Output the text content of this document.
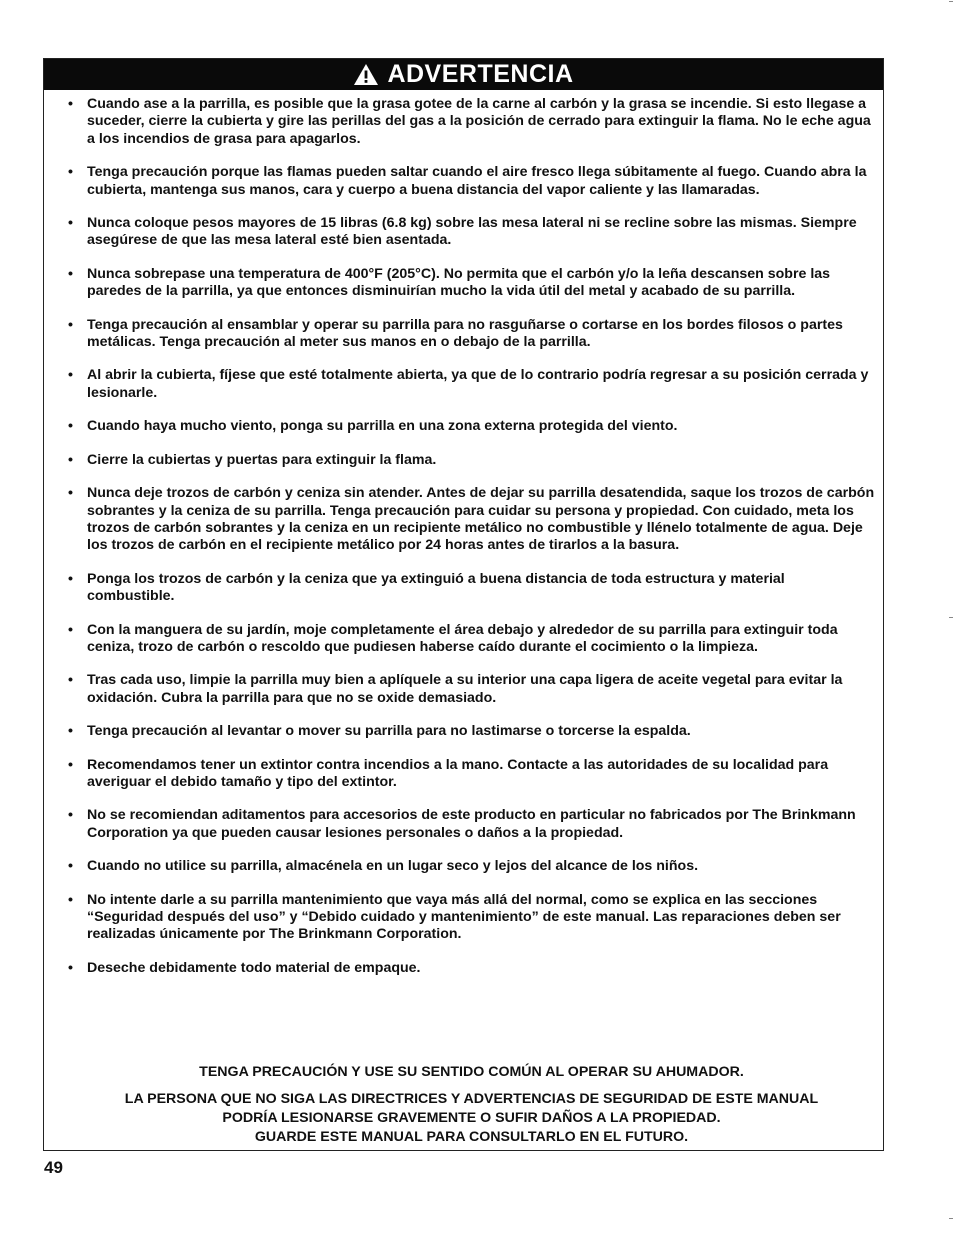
ADVERTENCIA
• Cuando ase a la parrilla, es posible que la grasa gotee de la carne al carbón y la grasa se incendie. Si esto llegase a suceder, cierre la cubierta y gire las perillas del gas a la posición de cerrado para extinguir la flama. No le eche agua a los incendios de grasa para apagarlos.
• Tenga precaución porque las flamas pueden saltar cuando el aire fresco llega súbitamente al fuego. Cuando abra la cubierta, mantenga sus manos, cara y cuerpo a buena distancia del vapor caliente y las llamaradas.
• Nunca coloque pesos mayores de 15 libras (6.8 kg) sobre las mesa lateral ni se recline sobre las mismas. Siempre asegúrese de que las mesa lateral esté bien asentada.
• Nunca sobrepase una temperatura de 400°F (205°C). No permita que el carbón y/o la leña descansen sobre las paredes de la parrilla, ya que entonces disminuirían mucho la vida útil del metal y acabado de su parrilla.
• Tenga precaución al ensamblar y operar su parrilla para no rasguñarse o cortarse en los bordes filosos o partes metálicas. Tenga precaución al meter sus manos en o debajo de la parrilla.
• Al abrir la cubierta, fíjese que esté totalmente abierta, ya que de lo contrario podría regresar a su posición cerrada y lesionarle.
• Cuando haya mucho viento, ponga su parrilla en una zona externa protegida del viento.
• Cierre la cubiertas y puertas para extinguir la flama.
• Nunca deje trozos de carbón y ceniza sin atender. Antes de dejar su parrilla desatendida, saque los trozos de carbón sobrantes y la ceniza de su parrilla. Tenga precaución para cuidar su persona y propiedad. Con cuidado, meta los trozos de carbón sobrantes y la ceniza en un recipiente metálico no combustible y llénelo totalmente de agua. Deje los trozos de carbón en el recipiente metálico por 24 horas antes de tirarlos a la basura.
• Ponga los trozos de carbón y la ceniza que ya extinguió a buena distancia de toda estructura y material combustible.
• Con la manguera de su jardín, moje completamente el área debajo y alrededor de su parrilla para extinguir toda ceniza, trozo de carbón o rescoldo que pudiesen haberse caído durante el cocimiento o la limpieza.
• Tras cada uso, limpie la parrilla muy bien a aplíquele a su interior una capa ligera de aceite vegetal para evitar la oxidación. Cubra la parrilla para que no se oxide demasiado.
• Tenga precaución al levantar o mover su parrilla para no lastimarse o torcerse la espalda.
• Recomendamos tener un extintor contra incendios a la mano. Contacte a las autoridades de su localidad para averiguar el debido tamaño y tipo del extintor.
• No se recomiendan aditamentos para accesorios de este producto en particular no fabricados por The Brinkmann Corporation ya que pueden causar lesiones personales o daños a la propiedad.
• Cuando no utilice su parrilla, almacénela en un lugar seco y lejos del alcance de los niños.
• No intente darle a su parrilla mantenimiento que vaya más allá del normal, como se explica en las secciones “Seguridad después del uso” y “Debido cuidado y mantenimiento” de este manual. Las reparaciones deben ser realizadas únicamente por The Brinkmann Corporation.
• Deseche debidamente todo material de empaque.
TENGA PRECAUCIÓN Y USE SU SENTIDO COMÚN AL OPERAR SU AHUMADOR.
LA PERSONA QUE NO SIGA LAS DIRECTRICES Y ADVERTENCIAS DE SEGURIDAD DE ESTE MANUAL
PODRÍA LESIONARSE GRAVEMENTE O SUFIR DAÑOS A LA PROPIEDAD.
GUARDE ESTE MANUAL PARA CONSULTARLO EN EL FUTURO.
49
